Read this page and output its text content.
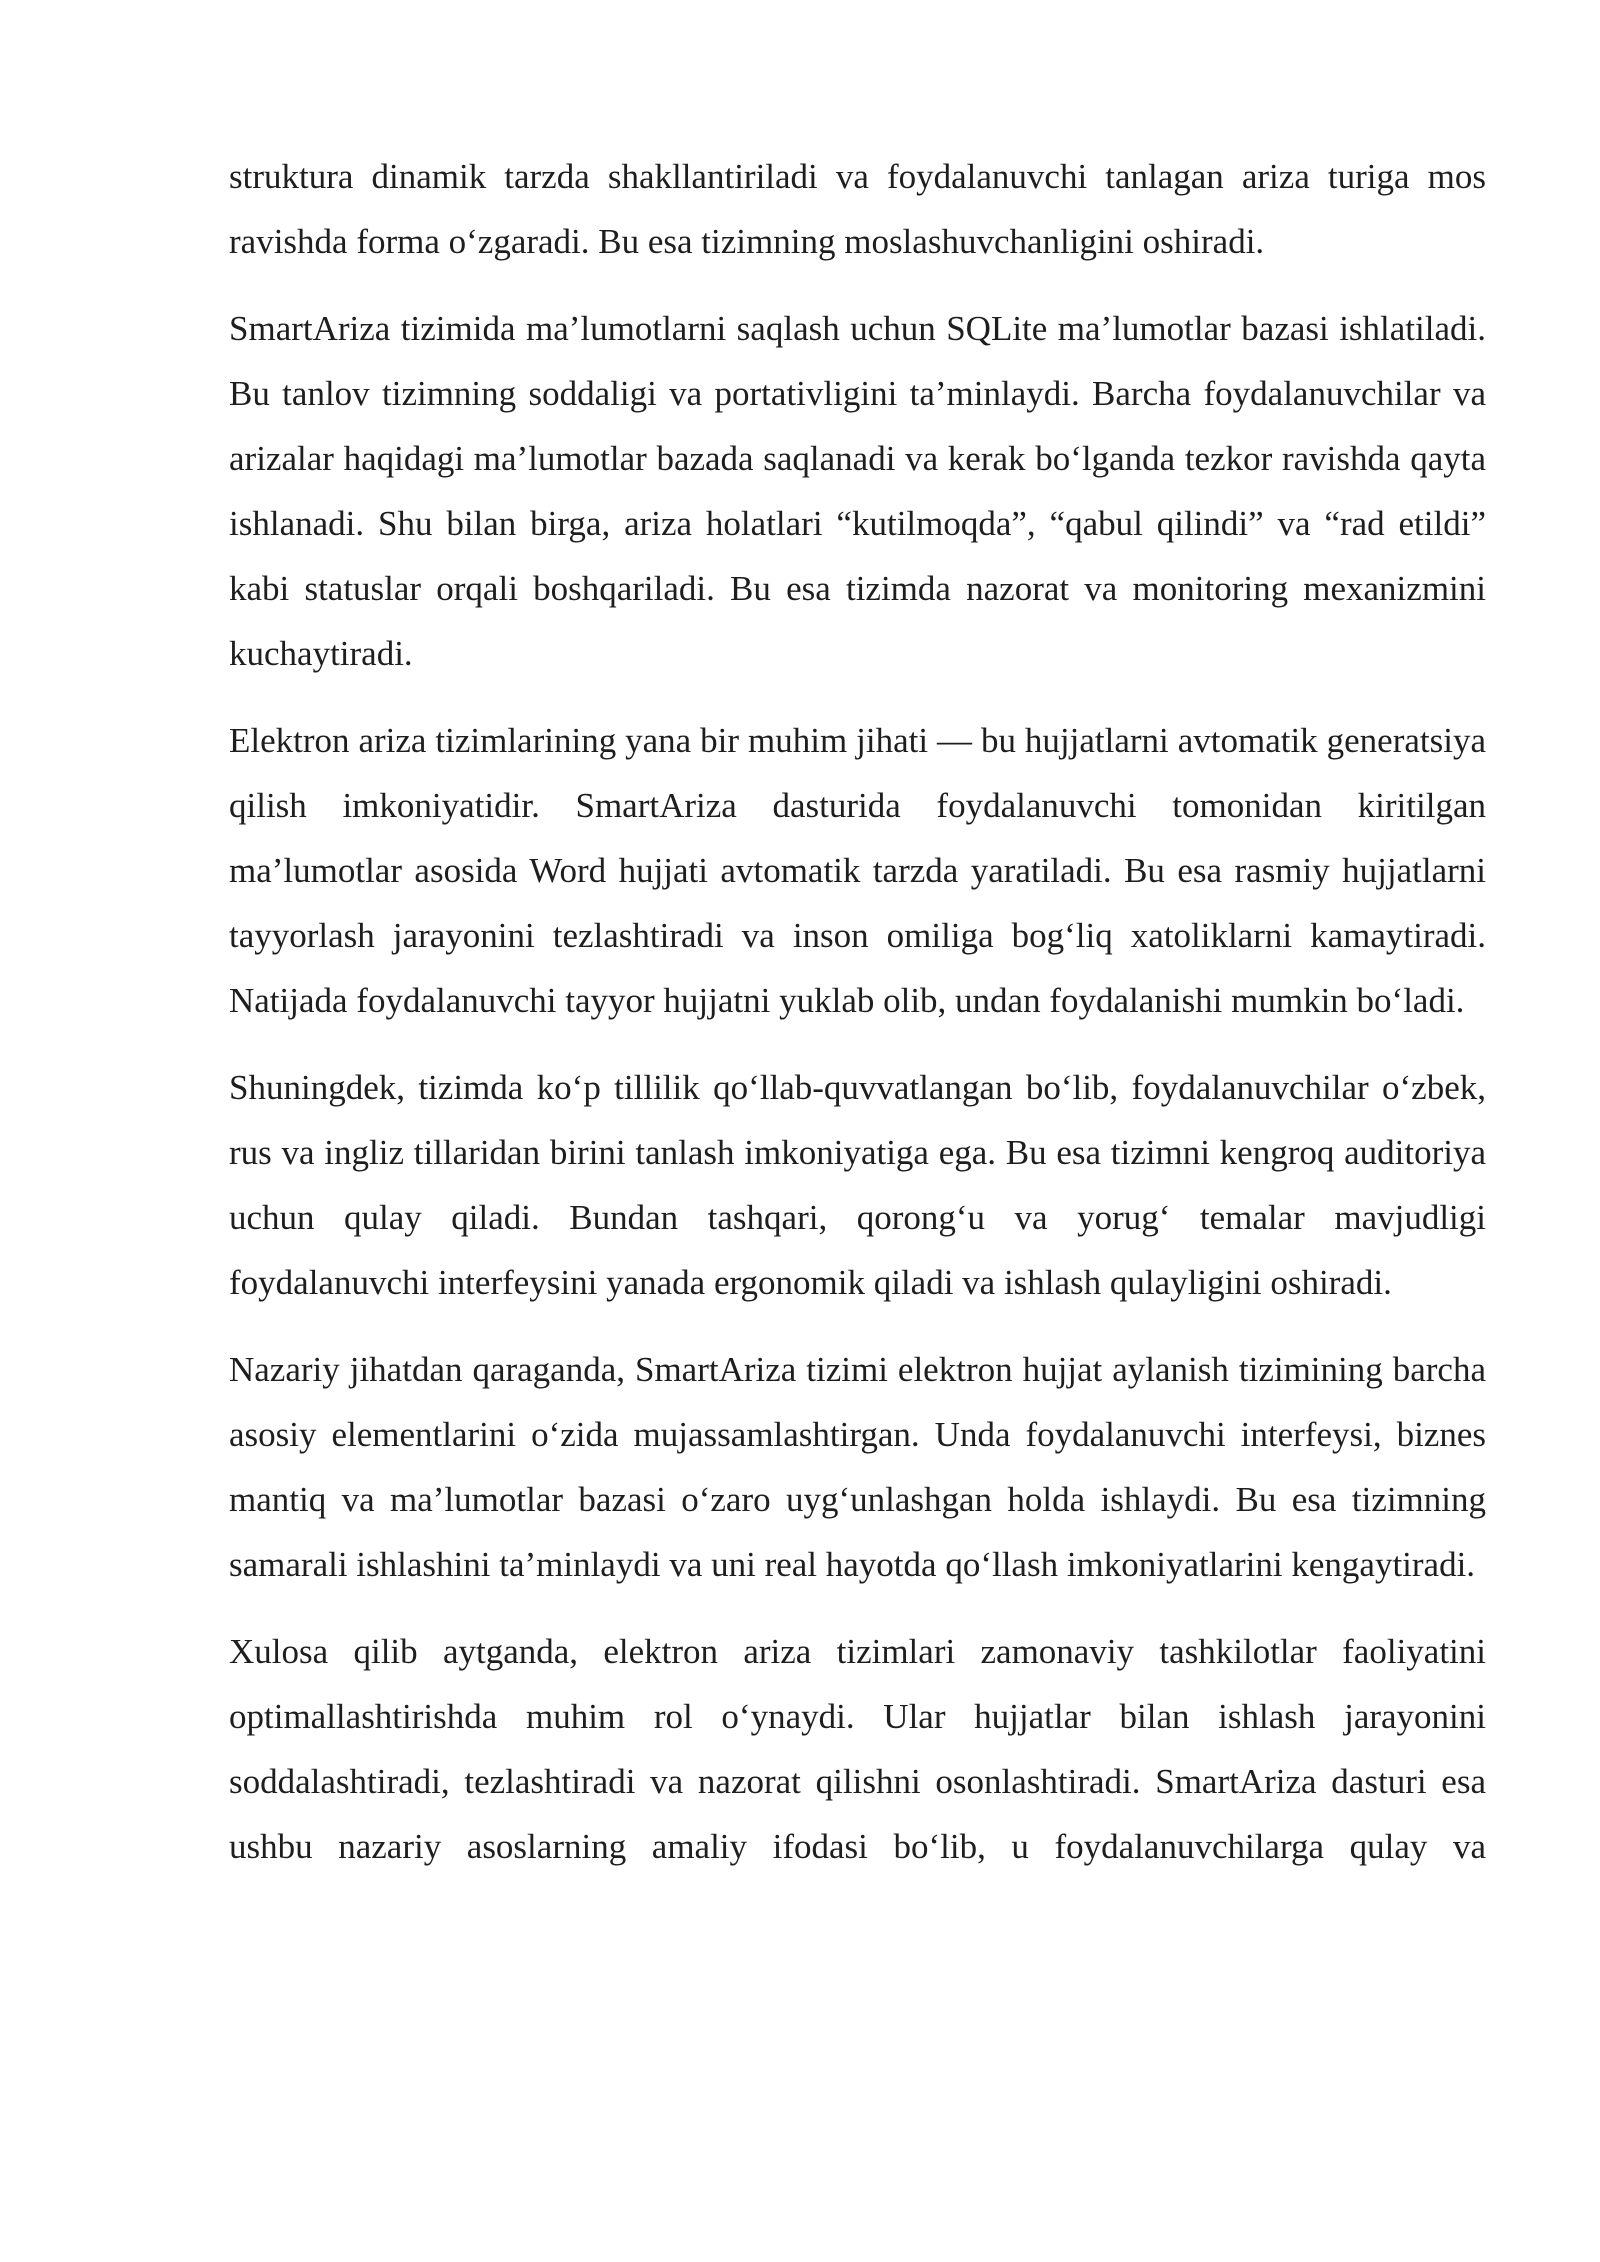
struktura dinamik tarzda shakllantiriladi va foydalanuvchi tanlagan ariza turiga mos ravishda forma o‘zgaradi. Bu esa tizimning moslashuvchanligini oshiradi.

SmartAriza tizimida ma’lumotlarni saqlash uchun SQLite ma’lumotlar bazasi ishlatiladi. Bu tanlov tizimning soddaligi va portativligini ta’minlaydi. Barcha foydalanuvchilar va arizalar haqidagi ma’lumotlar bazada saqlanadi va kerak bo‘lganda tezkor ravishda qayta ishlanadi. Shu bilan birga, ariza holatlari “kutilmoqda”, “qabul qilindi” va “rad etildi” kabi statuslar orqali boshqariladi. Bu esa tizimda nazorat va monitoring mexanizmini kuchaytiradi.

Elektron ariza tizimlarining yana bir muhim jihati — bu hujjatlarni avtomatik generatsiya qilish imkoniyatidir. SmartAriza dasturida foydalanuvchi tomonidan kiritilgan ma’lumotlar asosida Word hujjati avtomatik tarzda yaratiladi. Bu esa rasmiy hujjatlarni tayyorlash jarayonini tezlashtiradi va inson omiliga bog‘liq xatoliklarni kamaytiradi. Natijada foydalanuvchi tayyor hujjatni yuklab olib, undan foydalanishi mumkin bo‘ladi.

Shuningdek, tizimda ko‘p tillilik qo‘llab-quvvatlangan bo‘lib, foydalanuvchilar o‘zbek, rus va ingliz tillaridan birini tanlash imkoniyatiga ega. Bu esa tizimni kengroq auditoriya uchun qulay qiladi. Bundan tashqari, qorong‘u va yorug‘ temalar mavjudligi foydalanuvchi interfeysini yanada ergonomik qiladi va ishlash qulayligini oshiradi.

Nazariy jihatdan qaraganda, SmartAriza tizimi elektron hujjat aylanish tizimining barcha asosiy elementlarini o‘zida mujassamlashtirgan. Unda foydalanuvchi interfeysi, biznes mantiq va ma’lumotlar bazasi o‘zaro uyg‘unlashgan holda ishlaydi. Bu esa tizimning samarali ishlashini ta’minlaydi va uni real hayotda qo‘llash imkoniyatlarini kengaytiradi.

Xulosa qilib aytganda, elektron ariza tizimlari zamonaviy tashkilotlar faoliyatini optimallashtirishda muhim rol o‘ynaydi. Ular hujjatlar bilan ishlash jarayonini soddalashtiradi, tezlashtiradi va nazorat qilishni osonlashtiradi. SmartAriza dasturi esa ushbu nazariy asoslarning amaliy ifodasi bo‘lib, u foydalanuvchilarga qulay va
